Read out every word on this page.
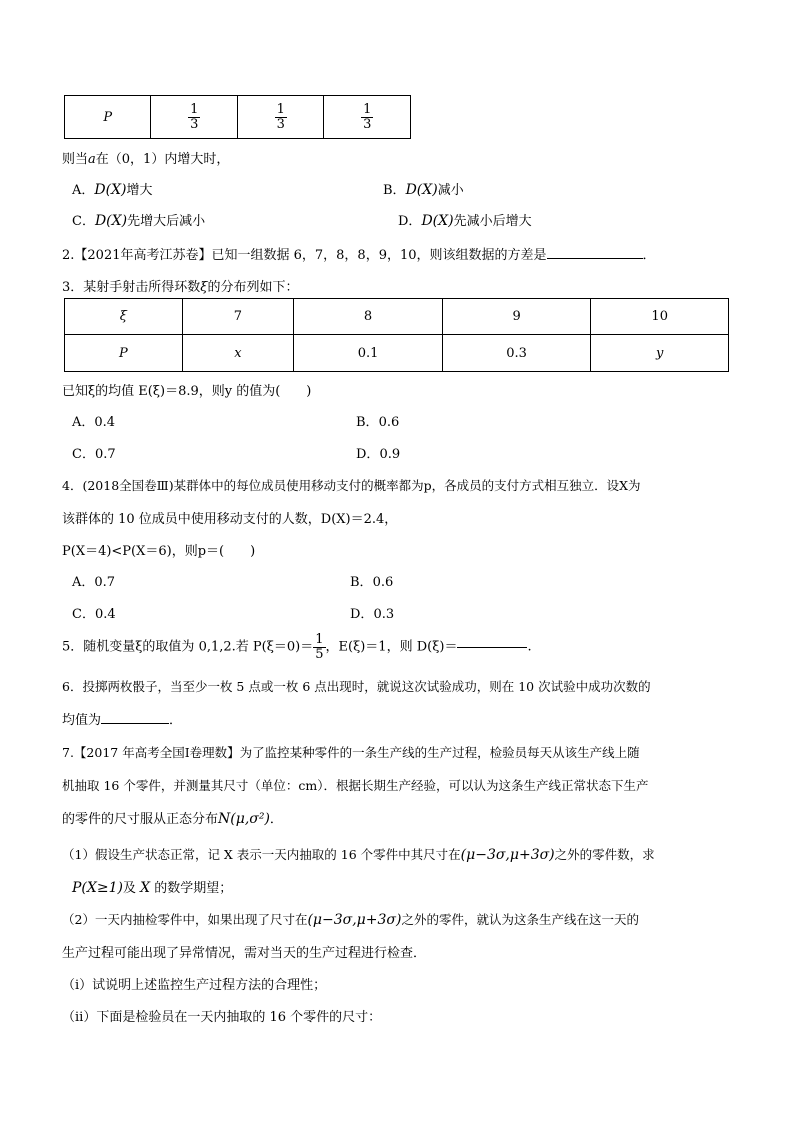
P	$\frac{1}{3}$	$\frac{1}{3}$	$\frac{1}{3}$
则当a在（0，1）内增大时，
A．D(X)增大	B．D(X)减小
C．D(X)先增大后减小	D．D(X)先减小后增大
2.【2021年高考江苏卷】已知一组数据 6，7，8，8，9，10，则该组数据的方差是	．
3．某射手射击所得环数ξ的分布列如下：
ξ	7	8	9	10
P	x	0.1	0.3	y
已知ξ的均值 E(ξ)＝8.9，则y 的值为(　　)
A．0.4	B．0.6
C．0.7	D．0.9
4．(2018全国卷Ⅲ)某群体中的每位成员使用移动支付的概率都为p，各成员的支付方式相互独立．设X为
该群体的 10 位成员中使用移动支付的人数，D(X)＝2.4，
P(X＝4)<P(X＝6)，则p＝(　　)
A．0.7	B．0.6
C．0.4	D．0.3
5．随机变量ξ的取值为 0,1,2.若 $P(\xi=0)= \frac{1}{5}$ ，E(ξ)＝1，则 D(ξ)＝	.
6．投掷两枚骰子，当至少一枚 5 点或一枚 6 点出现时，就说这次试验成功，则在 10 次试验中成功次数的
均值为	．
7.【2017 年高考全国Ⅰ卷理数】为了监控某种零件的一条生产线的生产过程，检验员每天从该生产线上随
机抽取 16 个零件，并测量其尺寸（单位：cm）．根据长期生产经验，可以认为这条生产线正常状态下生产
的零件的尺寸服从正态分布N(μ,σ²)．
（1）假设生产状态正常，记 X 表示一天内抽取的 16 个零件中其尺寸在(μ−3σ,μ+3σ)之外的零件数，求
P(X≥1)及 X 的数学期望；
（2）一天内抽检零件中，如果出现了尺寸在(μ−3σ,μ+3σ)之外的零件，就认为这条生产线在这一天的
生产过程可能出现了异常情况，需对当天的生产过程进行检查．
（ⅰ）试说明上述监控生产过程方法的合理性；
（ⅱ）下面是检验员在一天内抽取的 16 个零件的尺寸：
